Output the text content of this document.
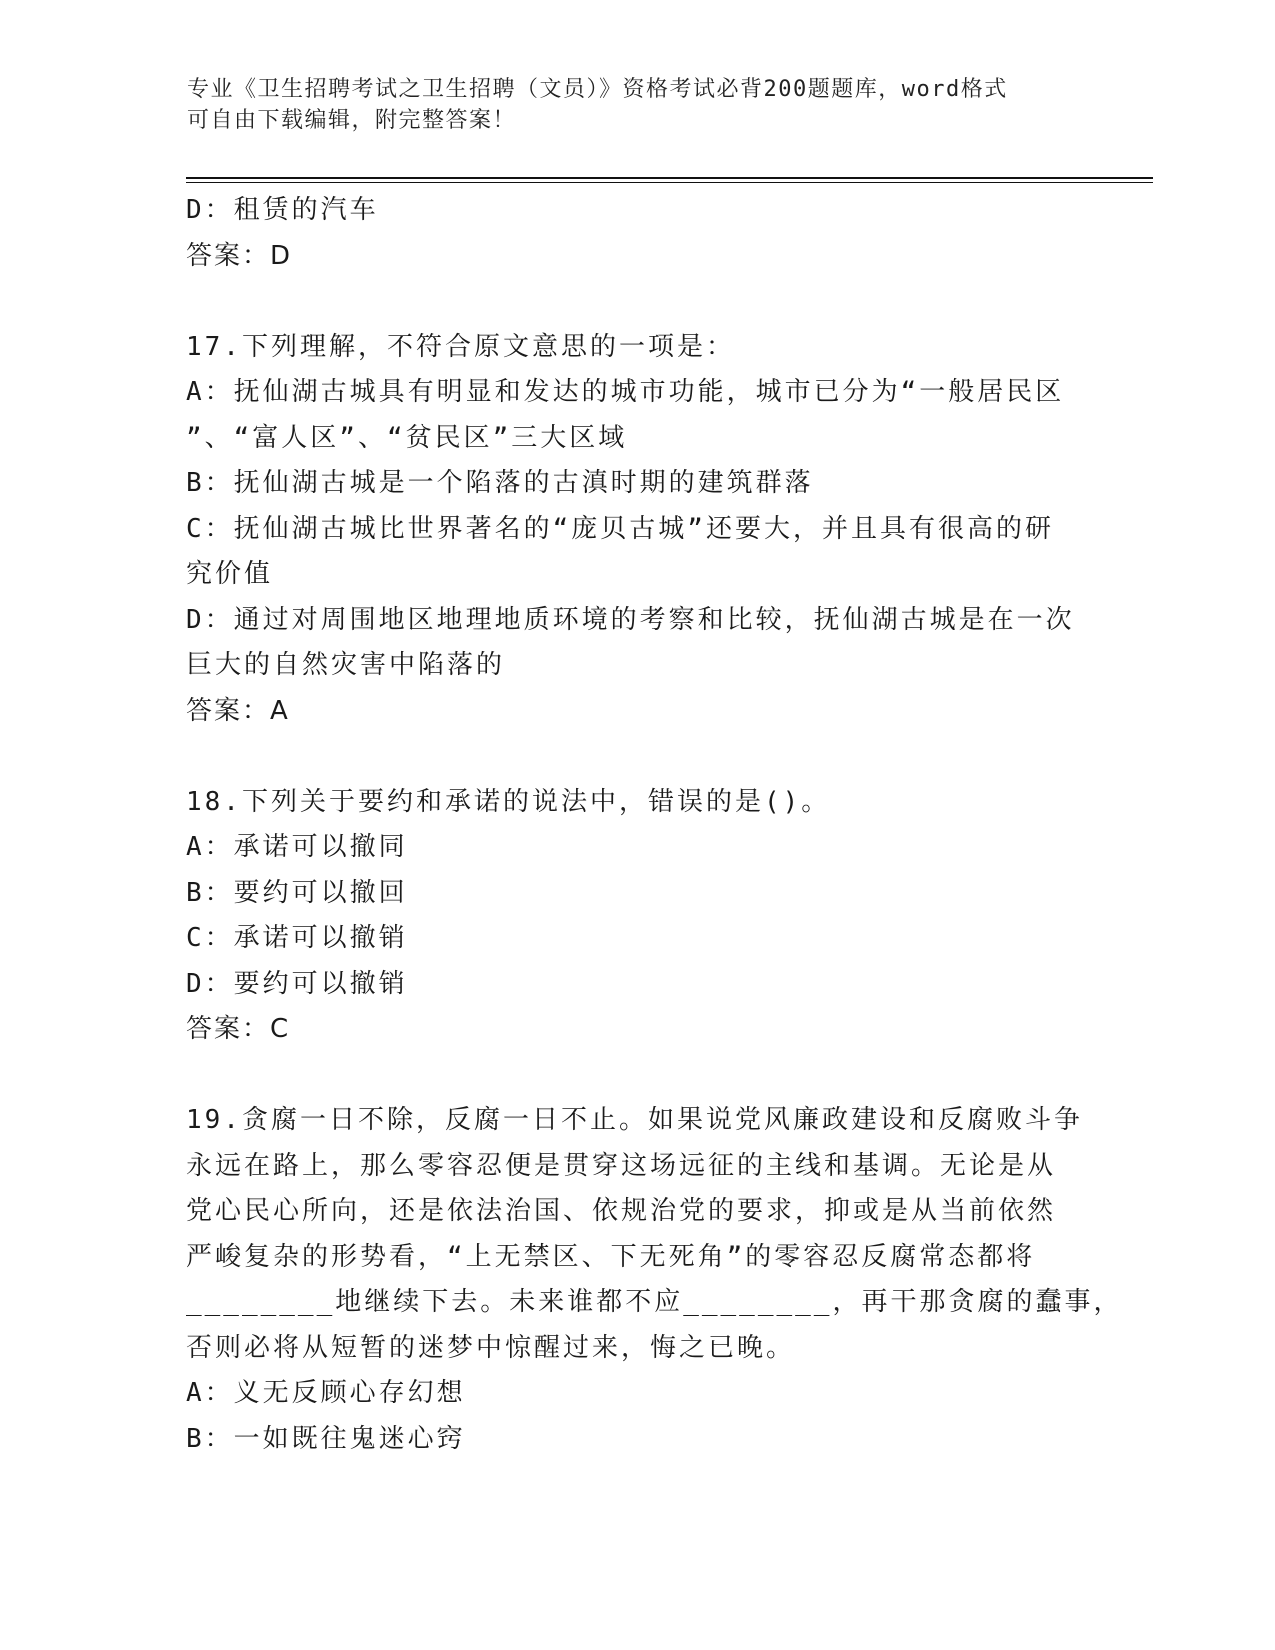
专业《卫生招聘考试之卫生招聘（文员）》资格考试必背200题题库，word格式
可自由下载编辑，附完整答案！
D：租赁的汽车
答案：D
17.下列理解，不符合原文意思的一项是：
A：抚仙湖古城具有明显和发达的城市功能，城市已分为“一般居民区
”、“富人区”、“贫民区”三大区域
B：抚仙湖古城是一个陷落的古滇时期的建筑群落
C：抚仙湖古城比世界著名的“庞贝古城”还要大，并且具有很高的研
究价值
D：通过对周围地区地理地质环境的考察和比较，抚仙湖古城是在一次
巨大的自然灾害中陷落的
答案：A
18.下列关于要约和承诺的说法中，错误的是()。
A：承诺可以撤同
B：要约可以撤回
C：承诺可以撤销
D：要约可以撤销
答案：C
19.贪腐一日不除，反腐一日不止。如果说党风廉政建设和反腐败斗争
永远在路上，那么零容忍便是贯穿这场远征的主线和基调。无论是从
党心民心所向，还是依法治国、依规治党的要求，抑或是从当前依然
严峻复杂的形势看，“上无禁区、下无死角”的零容忍反腐常态都将
________地继续下去。未来谁都不应________，再干那贪腐的蠢事，
否则必将从短暂的迷梦中惊醒过来，悔之已晚。
A：义无反顾心存幻想
B：一如既往鬼迷心窍
